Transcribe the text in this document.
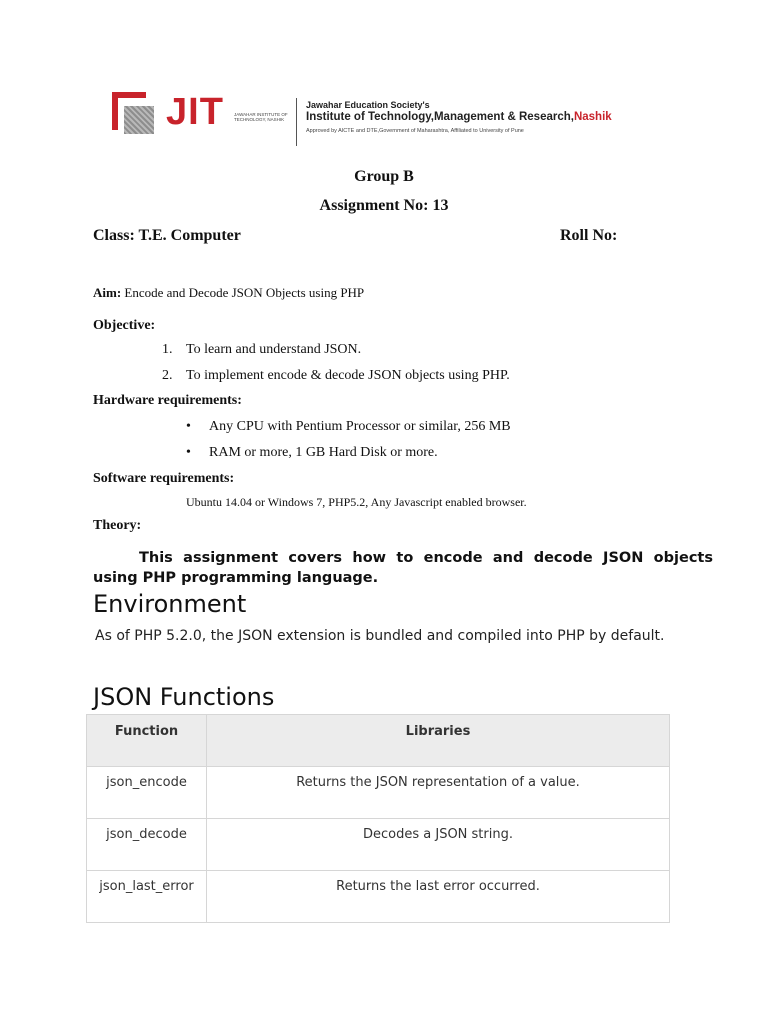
JIT JAWAHAR INSTITUTE OF TECHNOLOGY, NASHIK
Jawahar Education Society's
Institute of Technology,Management & Research,Nashik
Approved by AICTE and DTE,Government of Maharashtra, Affiliated to University of Pune
Group B
Assignment No: 13
Class: T.E. Computer	Roll No:
Aim: Encode and Decode JSON Objects using PHP
Objective:
1. To learn and understand JSON.
2. To implement encode & decode JSON objects using PHP.
Hardware requirements:
• Any CPU with Pentium Processor or similar, 256 MB
• RAM or more, 1 GB Hard Disk or more.
Software requirements:
Ubuntu 14.04 or Windows 7, PHP5.2, Any Javascript enabled browser.
Theory:
This assignment covers how to encode and decode JSON objects using PHP programming language.
Environment
As of PHP 5.2.0, the JSON extension is bundled and compiled into PHP by default.
JSON Functions
Function	Libraries
json_encode	Returns the JSON representation of a value.
json_decode	Decodes a JSON string.
json_last_error	Returns the last error occurred.
